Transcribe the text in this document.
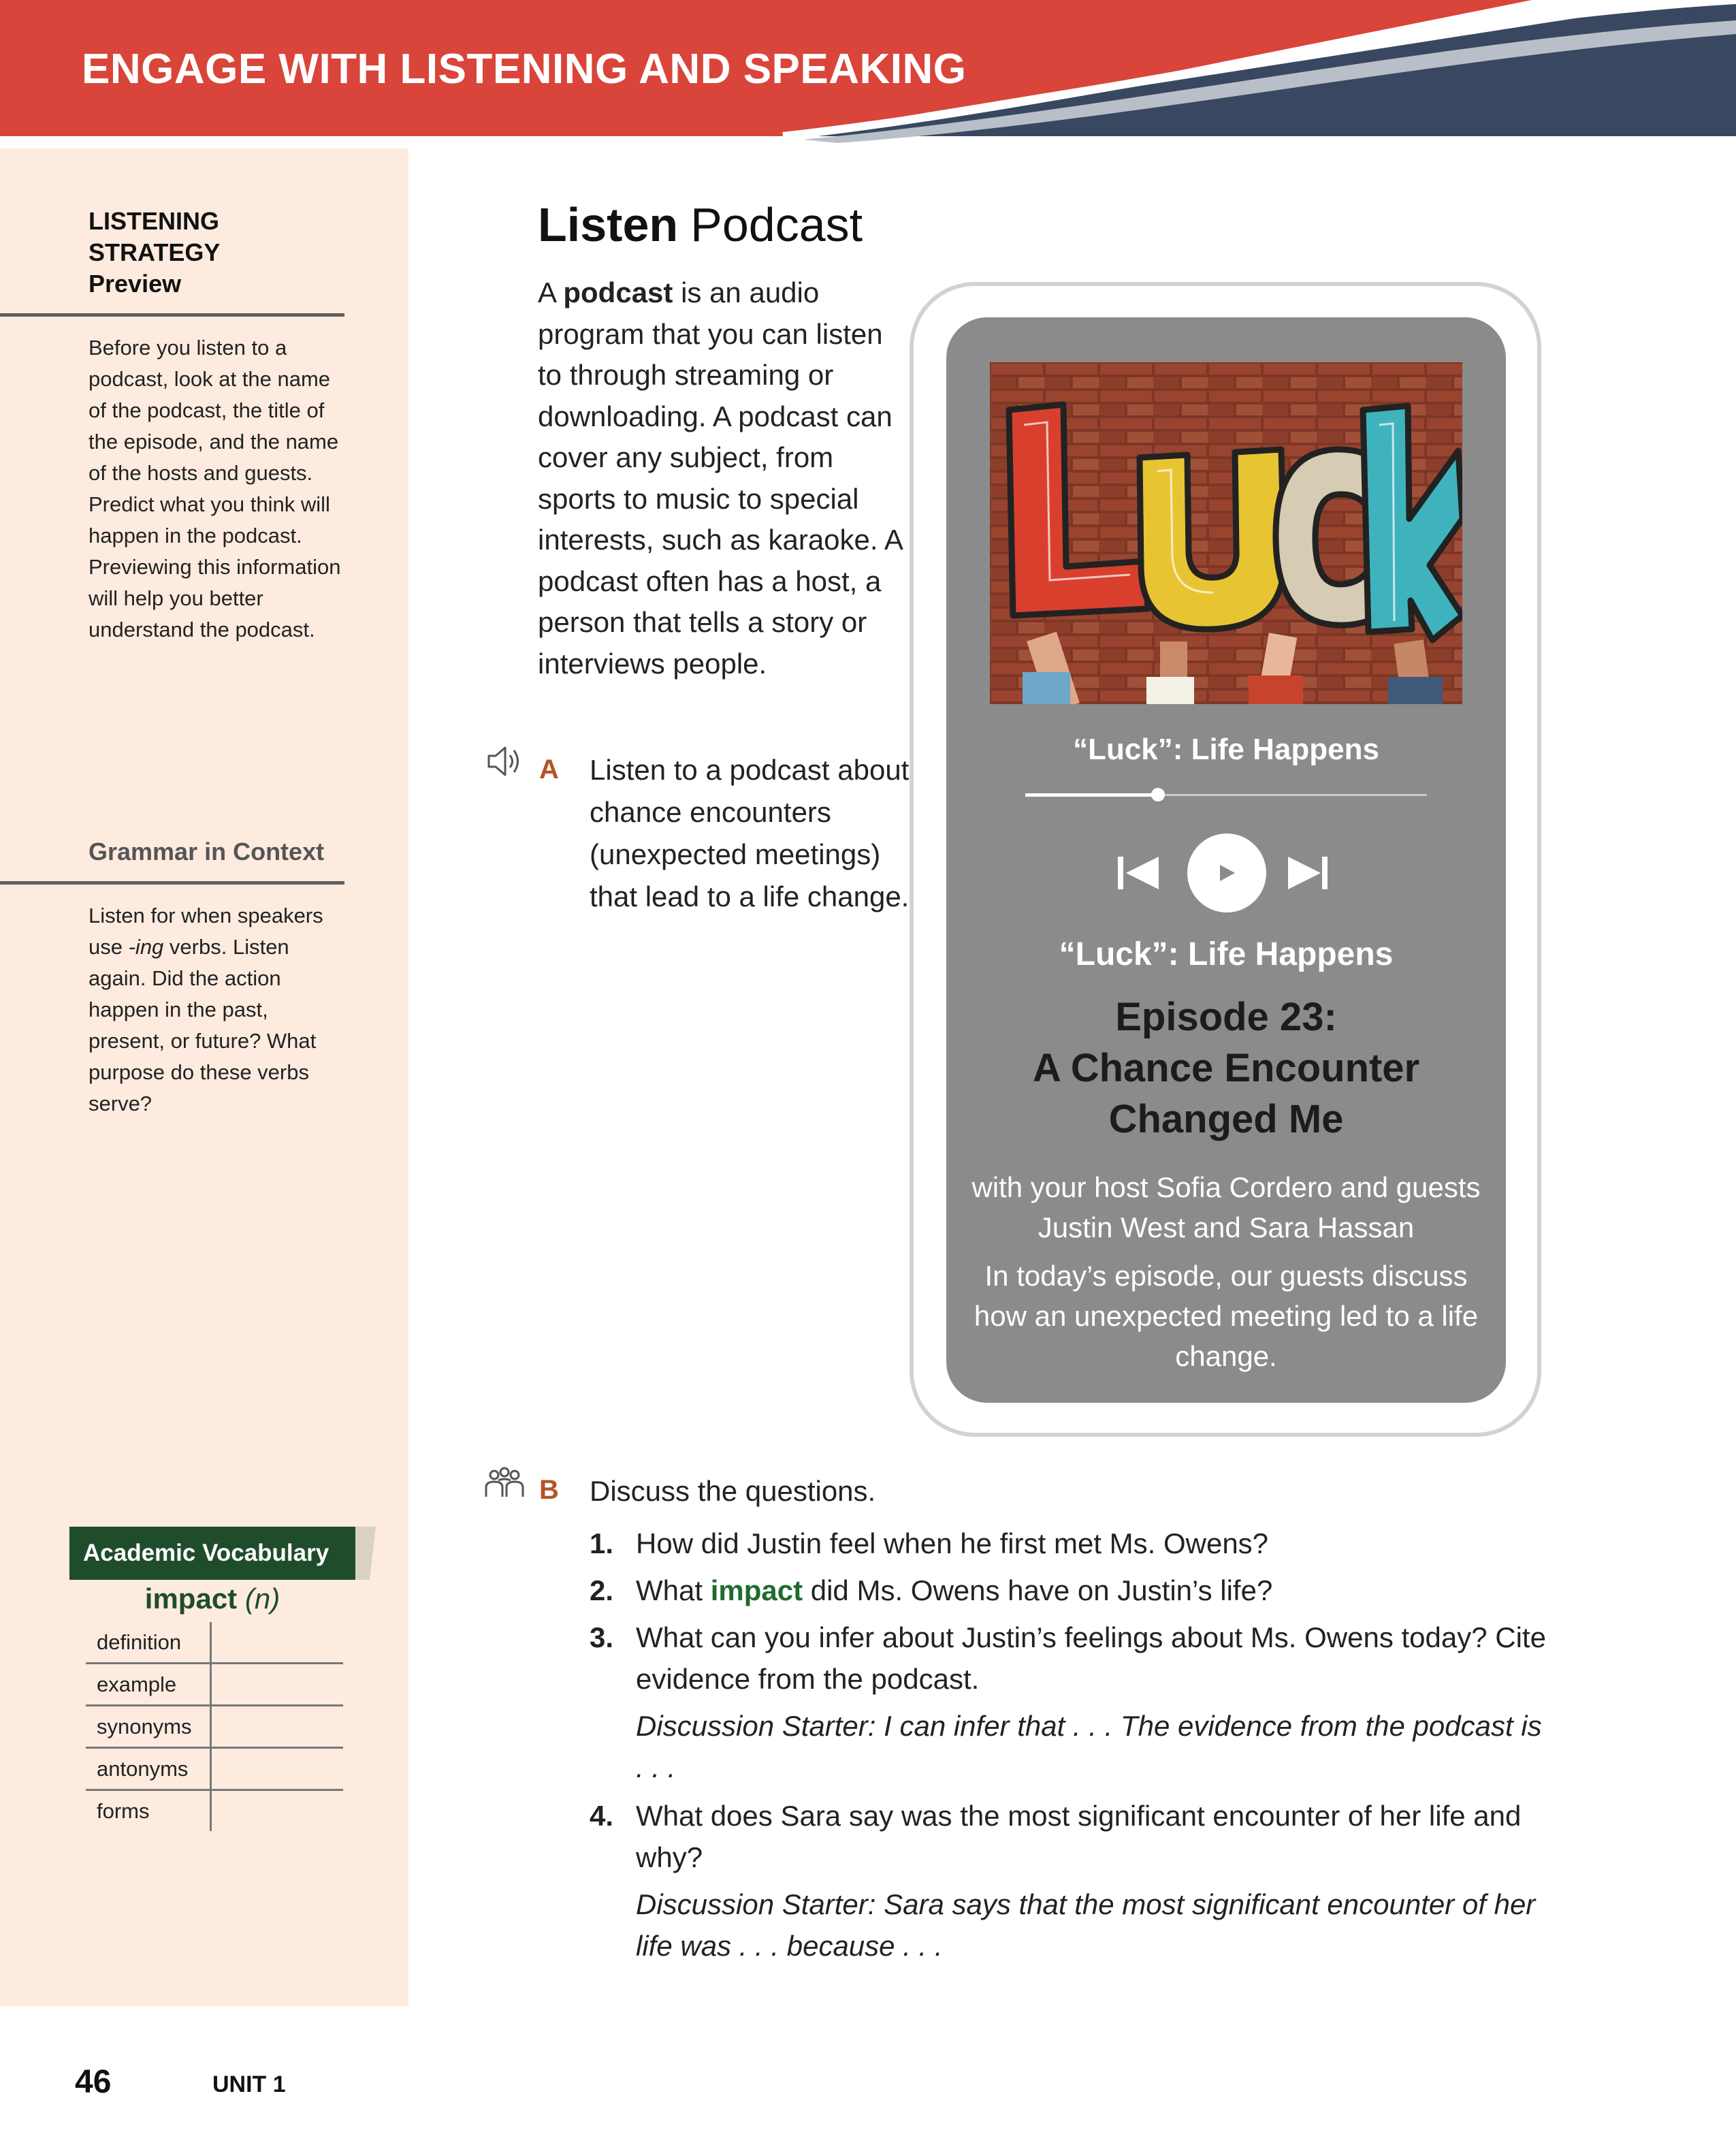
ENGAGE WITH LISTENING AND SPEAKING
LISTENING
STRATEGY
Preview
Before you listen to a podcast, look at the name of the podcast, the title of the episode, and the name of the hosts and guests. Predict what you think will happen in the podcast. Previewing this information will help you better understand the podcast.
Grammar in Context
Listen for when speakers use -ing verbs. Listen again. Did the action happen in the past, present, or future? What purpose do these verbs serve?
Academic Vocabulary
impact (n)
definition
example
synonyms
antonyms
forms
Listen Podcast
A podcast is an audio program that you can listen to through streaming or downloading. A podcast can cover any subject, from sports to music to special interests, such as karaoke. A podcast often has a host, a person that tells a story or interviews people.
A Listen to a podcast about chance encounters (unexpected meetings) that lead to a life change.
“Luck”: Life Happens
“Luck”: Life Happens
Episode 23:
A Chance Encounter
Changed Me
with your host Sofia Cordero and guests Justin West and Sara Hassan
In today’s episode, our guests discuss how an unexpected meeting led to a life change.
B Discuss the questions.
1. How did Justin feel when he first met Ms. Owens?
2. What impact did Ms. Owens have on Justin’s life?
3. What can you infer about Justin’s feelings about Ms. Owens today? Cite evidence from the podcast.
Discussion Starter: I can infer that . . . The evidence from the podcast is . . .
4. What does Sara say was the most significant encounter of her life and why?
Discussion Starter: Sara says that the most significant encounter of her life was . . . because . . .
46	UNIT 1
